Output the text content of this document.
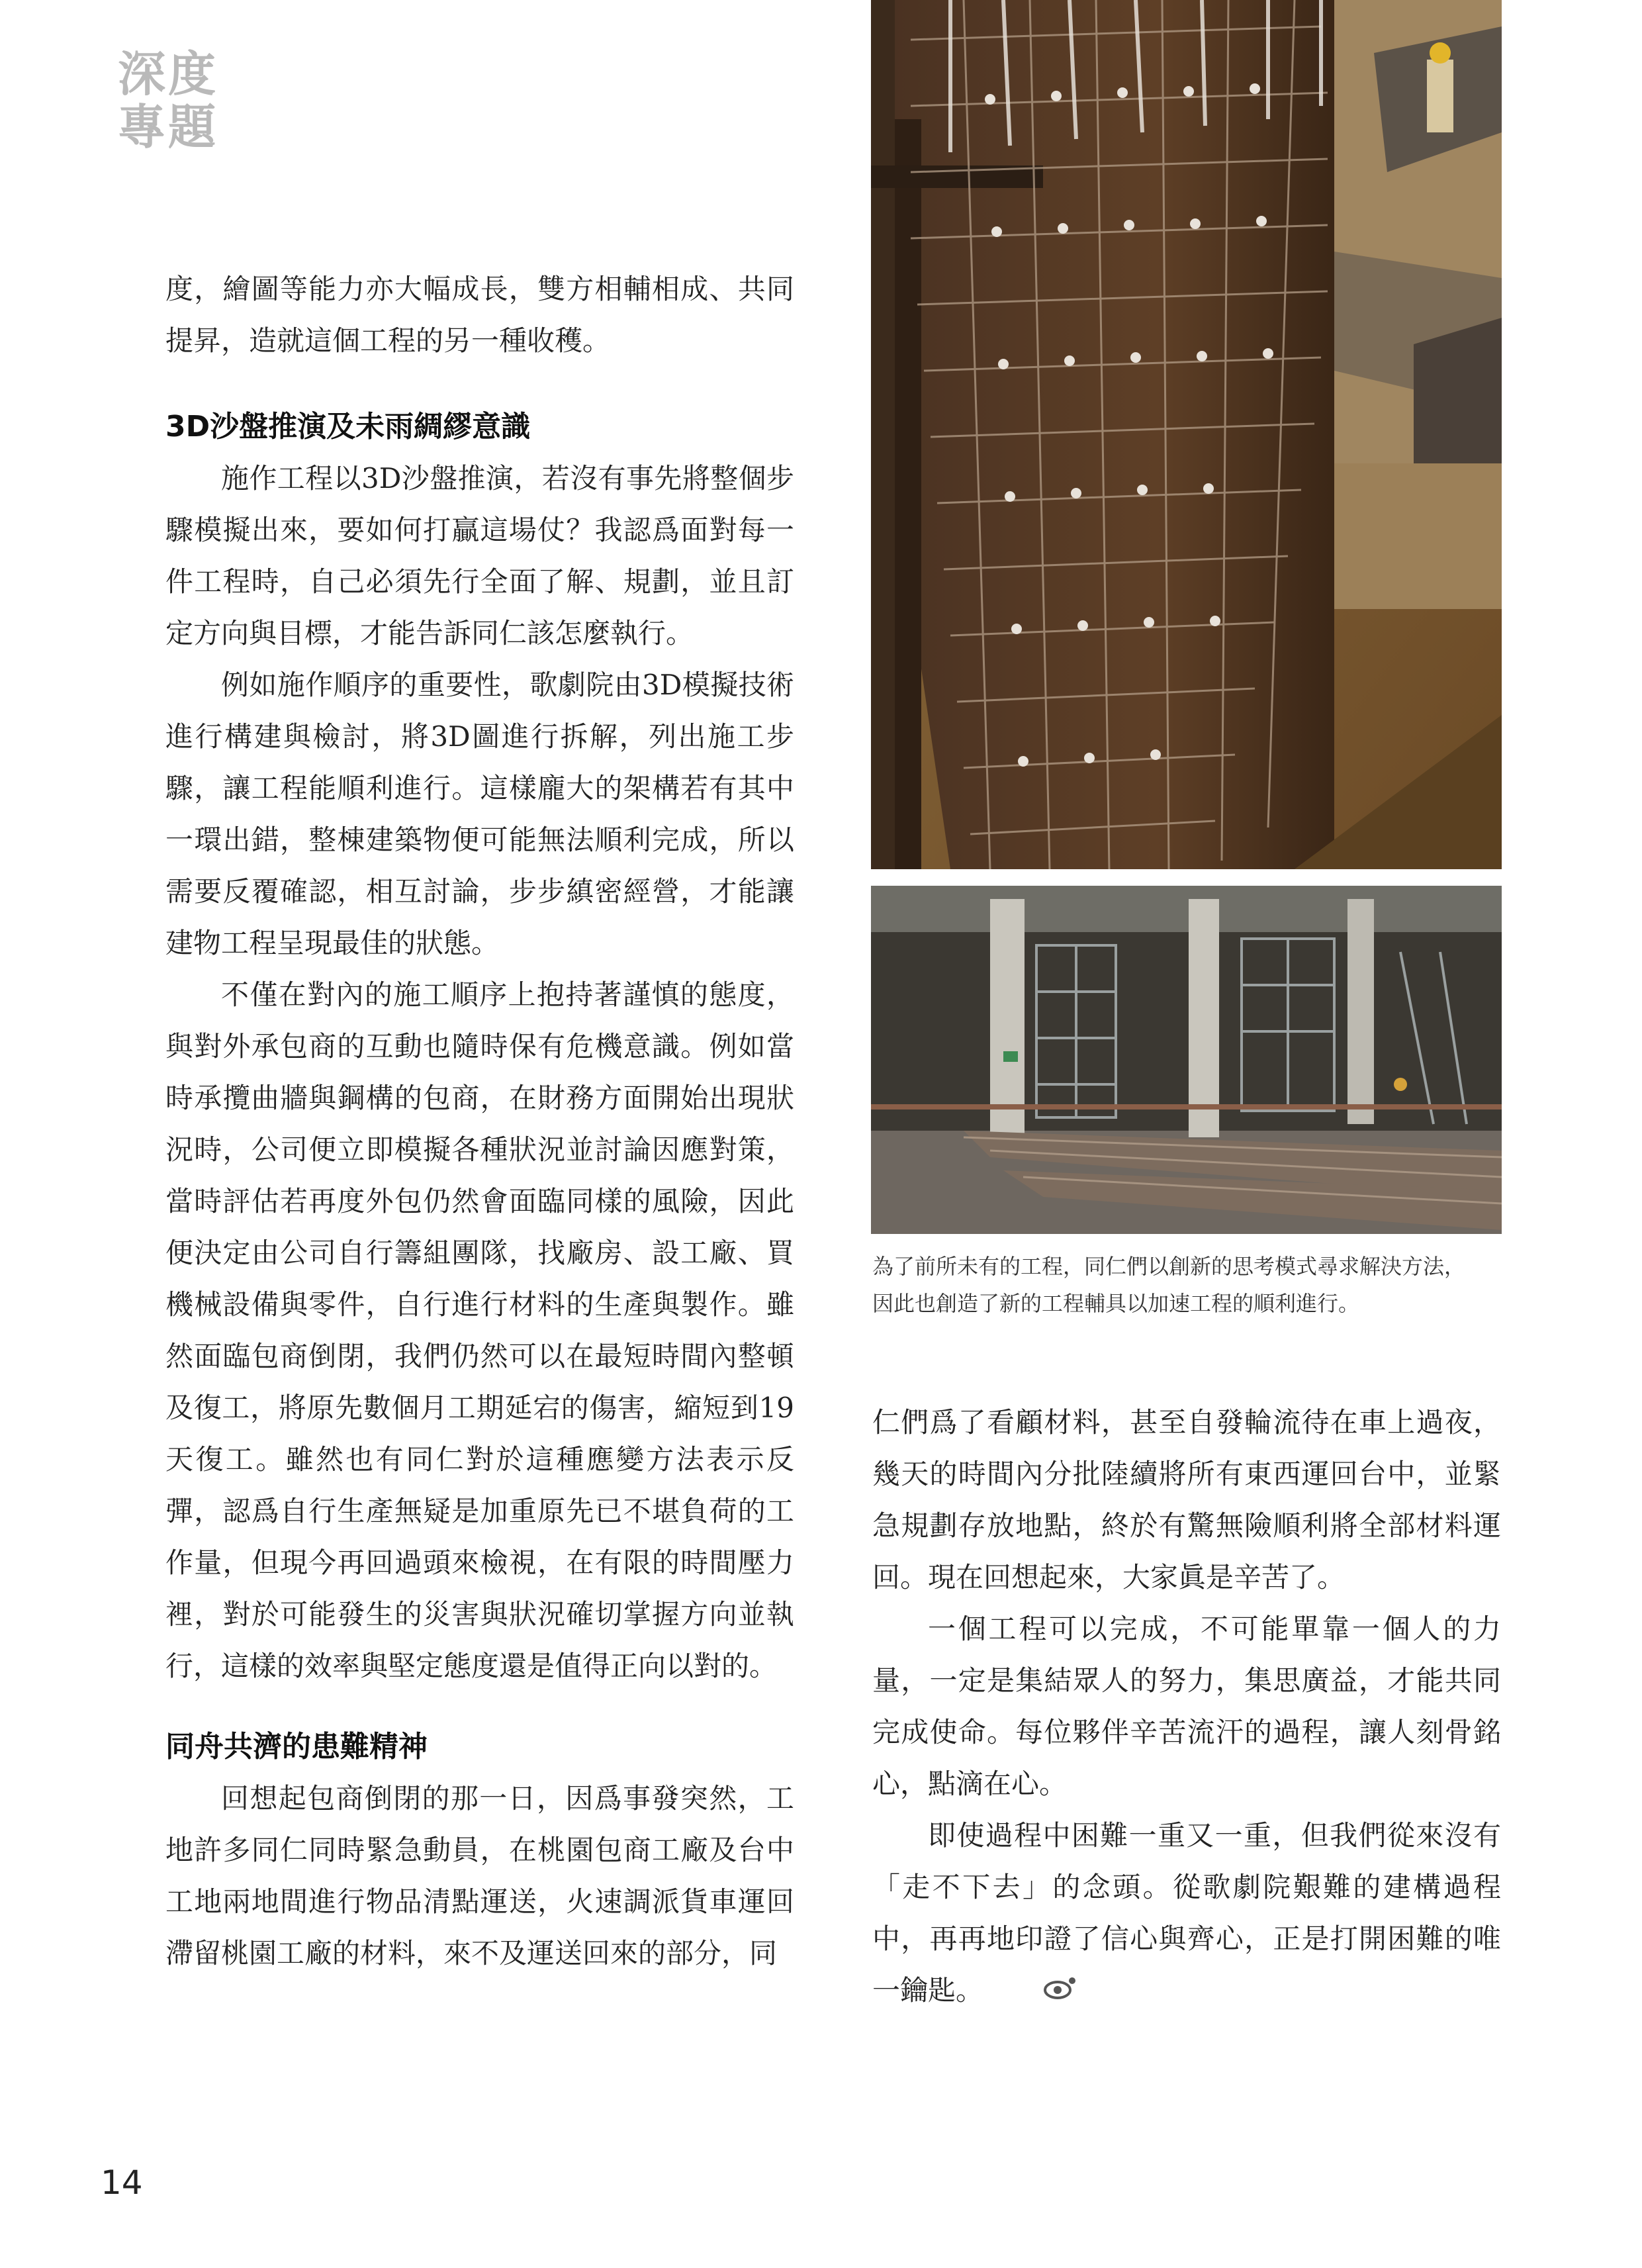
深度
專題

度，繪圖等能力亦大幅成長，雙方相輔相成、共同提昇，造就這個工程的另一種收穫。

3D沙盤推演及未雨綢繆意識

施作工程以3D沙盤推演，若沒有事先將整個步驟模擬出來，要如何打贏這場仗？我認爲面對每一件工程時，自己必須先行全面了解、規劃，並且訂定方向與目標，才能告訴同仁該怎麼執行。

例如施作順序的重要性，歌劇院由3D模擬技術進行構建與檢討，將3D圖進行拆解，列出施工步驟，讓工程能順利進行。這樣龐大的架構若有其中一環出錯，整棟建築物便可能無法順利完成，所以需要反覆確認，相互討論，步步縝密經營，才能讓建物工程呈現最佳的狀態。

不僅在對內的施工順序上抱持著謹慎的態度，與對外承包商的互動也隨時保有危機意識。例如當時承攬曲牆與鋼構的包商，在財務方面開始出現狀況時，公司便立即模擬各種狀況並討論因應對策，當時評估若再度外包仍然會面臨同樣的風險，因此便決定由公司自行籌組團隊，找廠房、設工廠、買機械設備與零件，自行進行材料的生產與製作。雖然面臨包商倒閉，我們仍然可以在最短時間內整頓及復工，將原先數個月工期延宕的傷害，縮短到19天復工。雖然也有同仁對於這種應變方法表示反彈，認爲自行生產無疑是加重原先已不堪負荷的工作量，但現今再回過頭來檢視，在有限的時間壓力裡，對於可能發生的災害與狀況確切掌握方向並執行，這樣的效率與堅定態度還是值得正向以對的。

同舟共濟的患難精神

回想起包商倒閉的那一日，因爲事發突然，工地許多同仁同時緊急動員，在桃園包商工廠及台中工地兩地間進行物品清點運送，火速調派貨車運回滯留桃園工廠的材料，來不及運送回來的部分，同

為了前所未有的工程，同仁們以創新的思考模式尋求解決方法，
因此也創造了新的工程輔具以加速工程的順利進行。

仁們爲了看顧材料，甚至自發輪流待在車上過夜，幾天的時間內分批陸續將所有東西運回台中，並緊急規劃存放地點，終於有驚無險順利將全部材料運回。現在回想起來，大家眞是辛苦了。

一個工程可以完成，不可能單靠一個人的力量，一定是集結眾人的努力，集思廣益，才能共同完成使命。每位夥伴辛苦流汗的過程，讓人刻骨銘心，點滴在心。

即使過程中困難一重又一重，但我們從來沒有「走不下去」的念頭。從歌劇院艱難的建構過程中，再再地印證了信心與齊心，正是打開困難的唯一鑰匙。

14
